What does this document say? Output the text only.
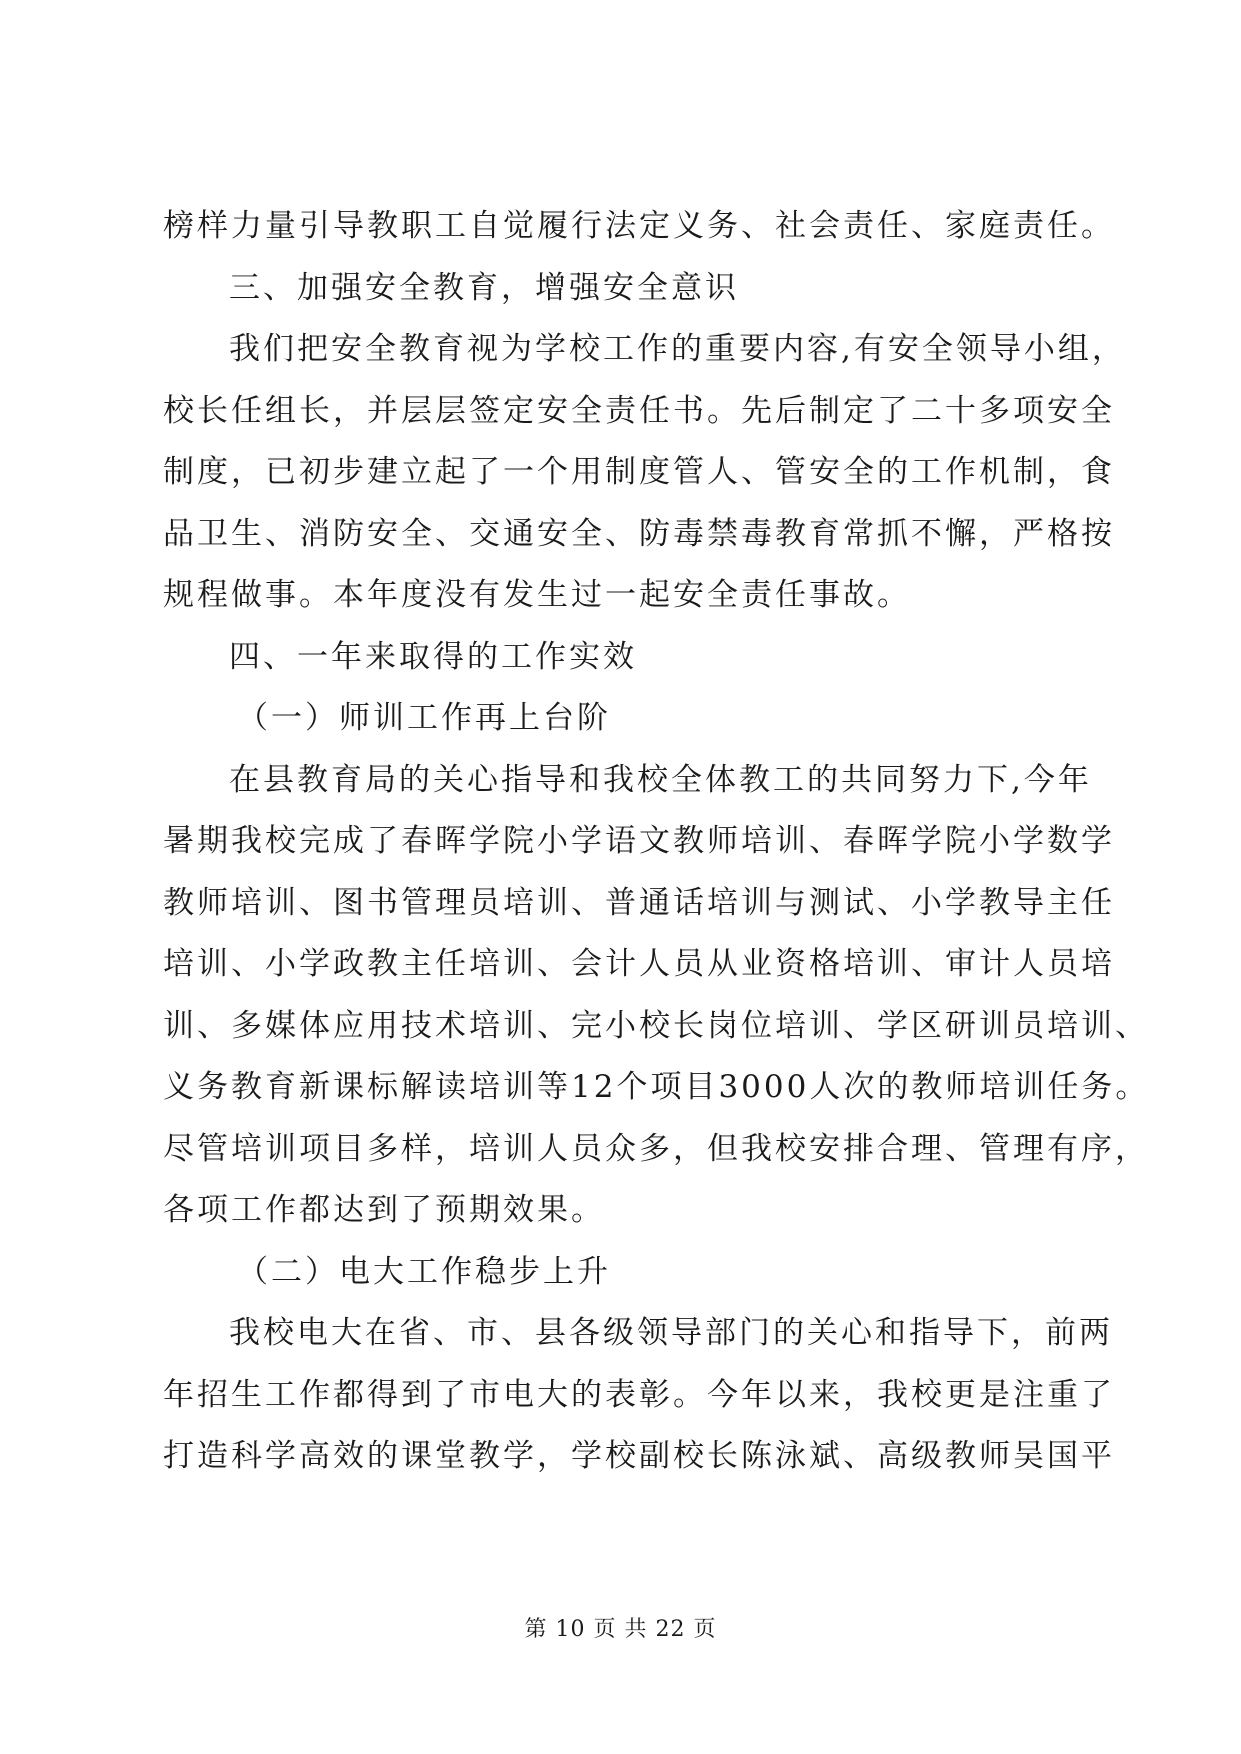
榜样力量引导教职工自觉履行法定义务、社会责任、家庭责任。
三、加强安全教育，增强安全意识
我们把安全教育视为学校工作的重要内容,有安全领导小组，
校长任组长，并层层签定安全责任书。先后制定了二十多项安全
制度，已初步建立起了一个用制度管人、管安全的工作机制，食
品卫生、消防安全、交通安全、防毒禁毒教育常抓不懈，严格按
规程做事。本年度没有发生过一起安全责任事故。
四、一年来取得的工作实效
（一）师训工作再上台阶
在县教育局的关心指导和我校全体教工的共同努力下,今年
暑期我校完成了春晖学院小学语文教师培训、春晖学院小学数学
教师培训、图书管理员培训、普通话培训与测试、小学教导主任
培训、小学政教主任培训、会计人员从业资格培训、审计人员培
训、多媒体应用技术培训、完小校长岗位培训、学区研训员培训、
义务教育新课标解读培训等12个项目3000人次的教师培训任务。
尽管培训项目多样，培训人员众多，但我校安排合理、管理有序，
各项工作都达到了预期效果。
（二）电大工作稳步上升
我校电大在省、市、县各级领导部门的关心和指导下，前两
年招生工作都得到了市电大的表彰。今年以来，我校更是注重了
打造科学高效的课堂教学，学校副校长陈泳斌、高级教师吴国平
第 10 页 共 22 页
